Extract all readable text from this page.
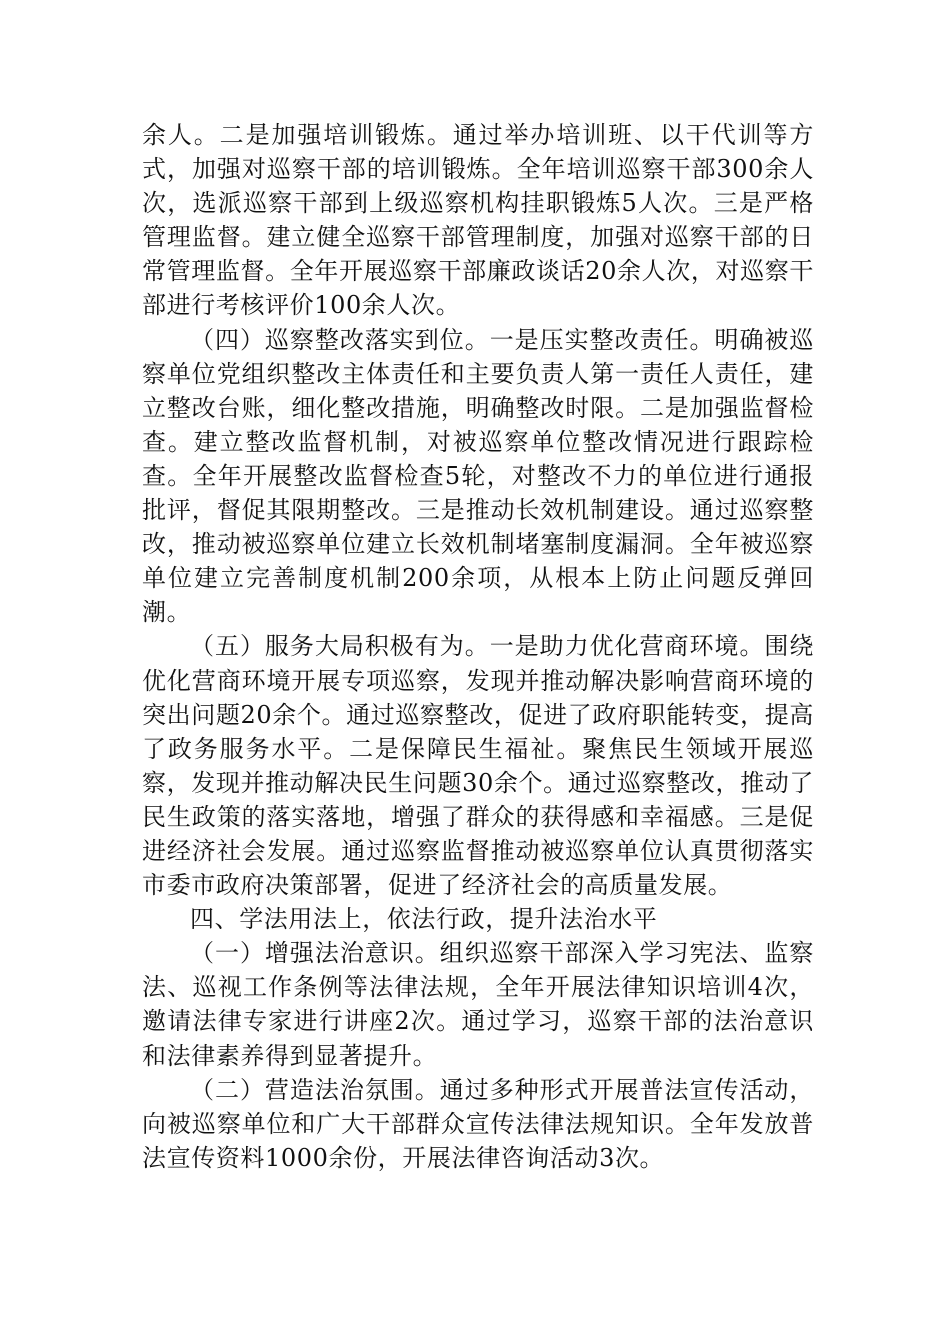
余人。二是加强培训锻炼。通过举办培训班、以干代训等方式，加强对巡察干部的培训锻炼。全年培训巡察干部300余人次，选派巡察干部到上级巡察机构挂职锻炼5人次。三是严格管理监督。建立健全巡察干部管理制度，加强对巡察干部的日常管理监督。全年开展巡察干部廉政谈话20余人次，对巡察干部进行考核评价100余人次。

（四）巡察整改落实到位。一是压实整改责任。明确被巡察单位党组织整改主体责任和主要负责人第一责任人责任，建立整改台账，细化整改措施，明确整改时限。二是加强监督检查。建立整改监督机制，对被巡察单位整改情况进行跟踪检查。全年开展整改监督检查5轮，对整改不力的单位进行通报批评，督促其限期整改。三是推动长效机制建设。通过巡察整改，推动被巡察单位建立长效机制堵塞制度漏洞。全年被巡察单位建立完善制度机制200余项，从根本上防止问题反弹回潮。

（五）服务大局积极有为。一是助力优化营商环境。围绕优化营商环境开展专项巡察，发现并推动解决影响营商环境的突出问题20余个。通过巡察整改，促进了政府职能转变，提高了政务服务水平。二是保障民生福祉。聚焦民生领域开展巡察，发现并推动解决民生问题30余个。通过巡察整改，推动了民生政策的落实落地，增强了群众的获得感和幸福感。三是促进经济社会发展。通过巡察监督推动被巡察单位认真贯彻落实市委市政府决策部署，促进了经济社会的高质量发展。

四、学法用法上，依法行政，提升法治水平

（一）增强法治意识。组织巡察干部深入学习宪法、监察法、巡视工作条例等法律法规，全年开展法律知识培训4次，邀请法律专家进行讲座2次。通过学习，巡察干部的法治意识和法律素养得到显著提升。

（二）营造法治氛围。通过多种形式开展普法宣传活动，向被巡察单位和广大干部群众宣传法律法规知识。全年发放普法宣传资料1000余份，开展法律咨询活动3次。
